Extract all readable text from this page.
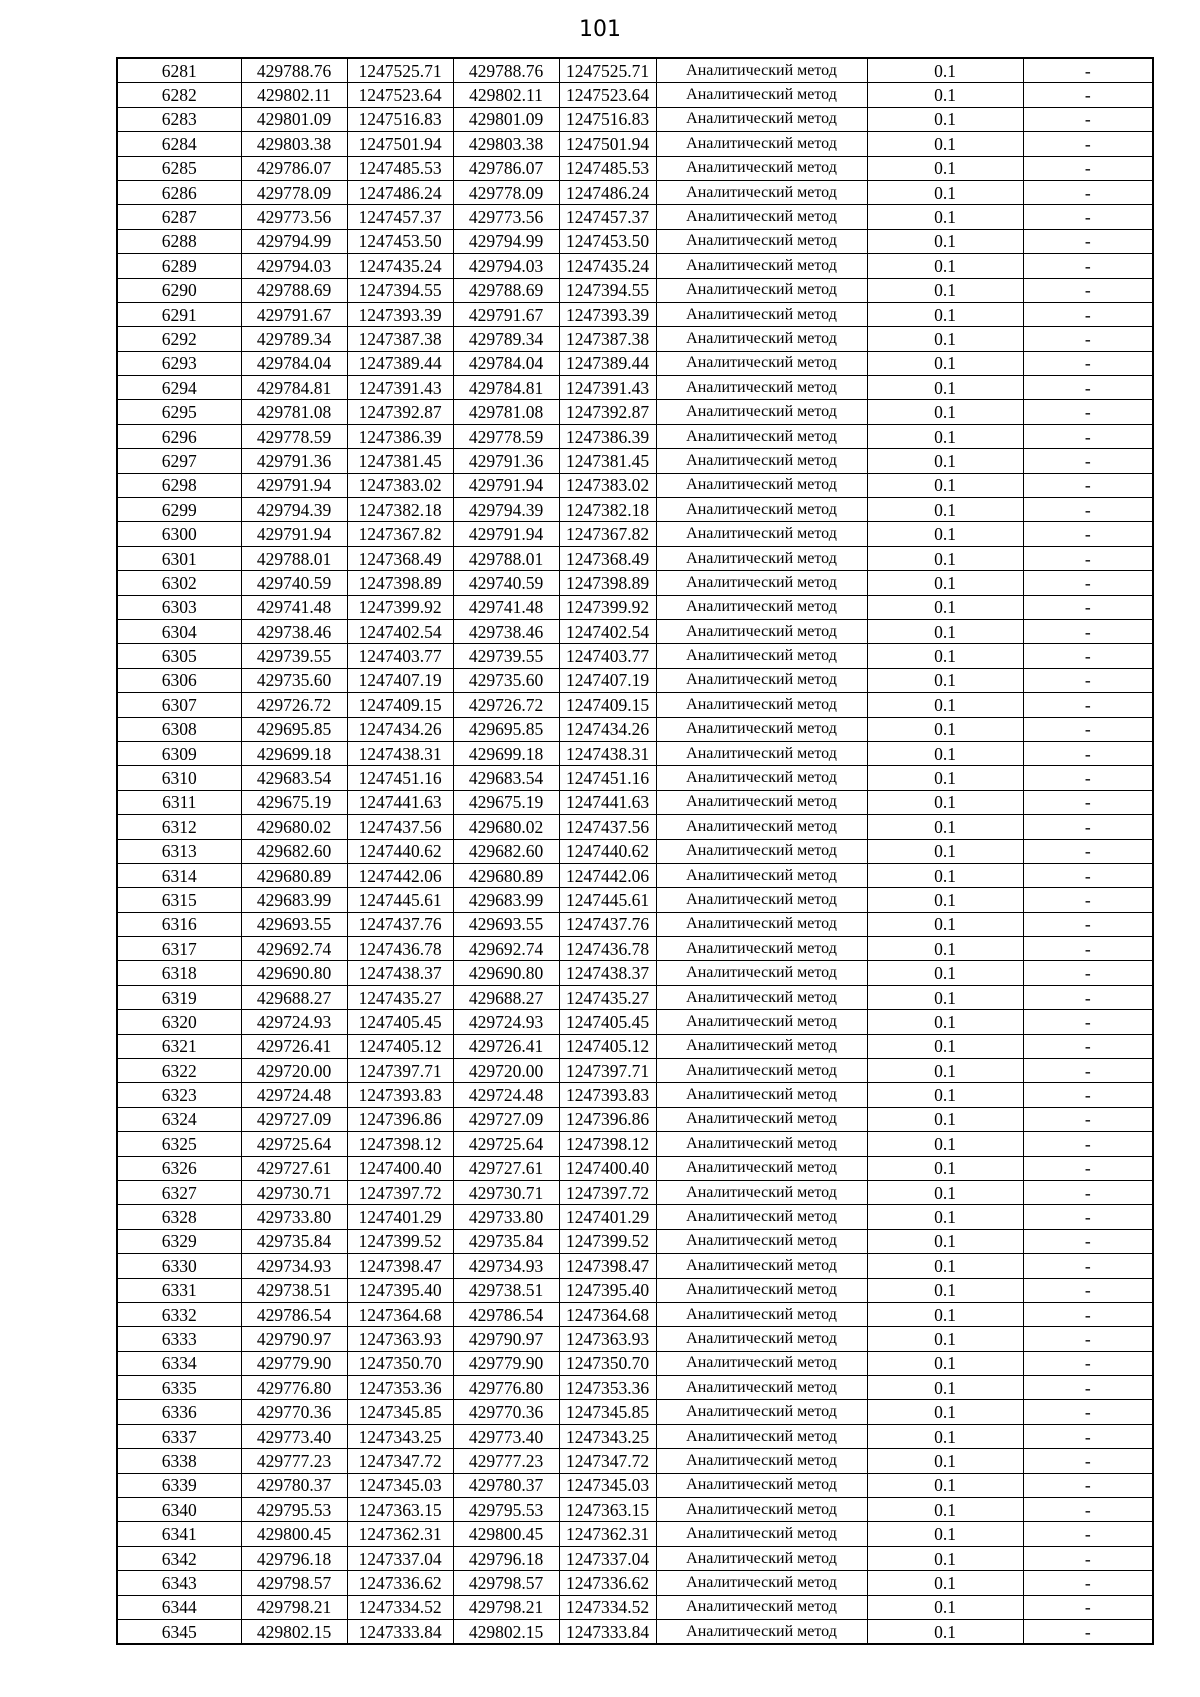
101
6281	429788.76	1247525.71	429788.76	1247525.71	Аналитический метод	0.1	-
6282	429802.11	1247523.64	429802.11	1247523.64	Аналитический метод	0.1	-
6283	429801.09	1247516.83	429801.09	1247516.83	Аналитический метод	0.1	-
6284	429803.38	1247501.94	429803.38	1247501.94	Аналитический метод	0.1	-
6285	429786.07	1247485.53	429786.07	1247485.53	Аналитический метод	0.1	-
6286	429778.09	1247486.24	429778.09	1247486.24	Аналитический метод	0.1	-
6287	429773.56	1247457.37	429773.56	1247457.37	Аналитический метод	0.1	-
6288	429794.99	1247453.50	429794.99	1247453.50	Аналитический метод	0.1	-
6289	429794.03	1247435.24	429794.03	1247435.24	Аналитический метод	0.1	-
6290	429788.69	1247394.55	429788.69	1247394.55	Аналитический метод	0.1	-
6291	429791.67	1247393.39	429791.67	1247393.39	Аналитический метод	0.1	-
6292	429789.34	1247387.38	429789.34	1247387.38	Аналитический метод	0.1	-
6293	429784.04	1247389.44	429784.04	1247389.44	Аналитический метод	0.1	-
6294	429784.81	1247391.43	429784.81	1247391.43	Аналитический метод	0.1	-
6295	429781.08	1247392.87	429781.08	1247392.87	Аналитический метод	0.1	-
6296	429778.59	1247386.39	429778.59	1247386.39	Аналитический метод	0.1	-
6297	429791.36	1247381.45	429791.36	1247381.45	Аналитический метод	0.1	-
6298	429791.94	1247383.02	429791.94	1247383.02	Аналитический метод	0.1	-
6299	429794.39	1247382.18	429794.39	1247382.18	Аналитический метод	0.1	-
6300	429791.94	1247367.82	429791.94	1247367.82	Аналитический метод	0.1	-
6301	429788.01	1247368.49	429788.01	1247368.49	Аналитический метод	0.1	-
6302	429740.59	1247398.89	429740.59	1247398.89	Аналитический метод	0.1	-
6303	429741.48	1247399.92	429741.48	1247399.92	Аналитический метод	0.1	-
6304	429738.46	1247402.54	429738.46	1247402.54	Аналитический метод	0.1	-
6305	429739.55	1247403.77	429739.55	1247403.77	Аналитический метод	0.1	-
6306	429735.60	1247407.19	429735.60	1247407.19	Аналитический метод	0.1	-
6307	429726.72	1247409.15	429726.72	1247409.15	Аналитический метод	0.1	-
6308	429695.85	1247434.26	429695.85	1247434.26	Аналитический метод	0.1	-
6309	429699.18	1247438.31	429699.18	1247438.31	Аналитический метод	0.1	-
6310	429683.54	1247451.16	429683.54	1247451.16	Аналитический метод	0.1	-
6311	429675.19	1247441.63	429675.19	1247441.63	Аналитический метод	0.1	-
6312	429680.02	1247437.56	429680.02	1247437.56	Аналитический метод	0.1	-
6313	429682.60	1247440.62	429682.60	1247440.62	Аналитический метод	0.1	-
6314	429680.89	1247442.06	429680.89	1247442.06	Аналитический метод	0.1	-
6315	429683.99	1247445.61	429683.99	1247445.61	Аналитический метод	0.1	-
6316	429693.55	1247437.76	429693.55	1247437.76	Аналитический метод	0.1	-
6317	429692.74	1247436.78	429692.74	1247436.78	Аналитический метод	0.1	-
6318	429690.80	1247438.37	429690.80	1247438.37	Аналитический метод	0.1	-
6319	429688.27	1247435.27	429688.27	1247435.27	Аналитический метод	0.1	-
6320	429724.93	1247405.45	429724.93	1247405.45	Аналитический метод	0.1	-
6321	429726.41	1247405.12	429726.41	1247405.12	Аналитический метод	0.1	-
6322	429720.00	1247397.71	429720.00	1247397.71	Аналитический метод	0.1	-
6323	429724.48	1247393.83	429724.48	1247393.83	Аналитический метод	0.1	-
6324	429727.09	1247396.86	429727.09	1247396.86	Аналитический метод	0.1	-
6325	429725.64	1247398.12	429725.64	1247398.12	Аналитический метод	0.1	-
6326	429727.61	1247400.40	429727.61	1247400.40	Аналитический метод	0.1	-
6327	429730.71	1247397.72	429730.71	1247397.72	Аналитический метод	0.1	-
6328	429733.80	1247401.29	429733.80	1247401.29	Аналитический метод	0.1	-
6329	429735.84	1247399.52	429735.84	1247399.52	Аналитический метод	0.1	-
6330	429734.93	1247398.47	429734.93	1247398.47	Аналитический метод	0.1	-
6331	429738.51	1247395.40	429738.51	1247395.40	Аналитический метод	0.1	-
6332	429786.54	1247364.68	429786.54	1247364.68	Аналитический метод	0.1	-
6333	429790.97	1247363.93	429790.97	1247363.93	Аналитический метод	0.1	-
6334	429779.90	1247350.70	429779.90	1247350.70	Аналитический метод	0.1	-
6335	429776.80	1247353.36	429776.80	1247353.36	Аналитический метод	0.1	-
6336	429770.36	1247345.85	429770.36	1247345.85	Аналитический метод	0.1	-
6337	429773.40	1247343.25	429773.40	1247343.25	Аналитический метод	0.1	-
6338	429777.23	1247347.72	429777.23	1247347.72	Аналитический метод	0.1	-
6339	429780.37	1247345.03	429780.37	1247345.03	Аналитический метод	0.1	-
6340	429795.53	1247363.15	429795.53	1247363.15	Аналитический метод	0.1	-
6341	429800.45	1247362.31	429800.45	1247362.31	Аналитический метод	0.1	-
6342	429796.18	1247337.04	429796.18	1247337.04	Аналитический метод	0.1	-
6343	429798.57	1247336.62	429798.57	1247336.62	Аналитический метод	0.1	-
6344	429798.21	1247334.52	429798.21	1247334.52	Аналитический метод	0.1	-
6345	429802.15	1247333.84	429802.15	1247333.84	Аналитический метод	0.1	-
